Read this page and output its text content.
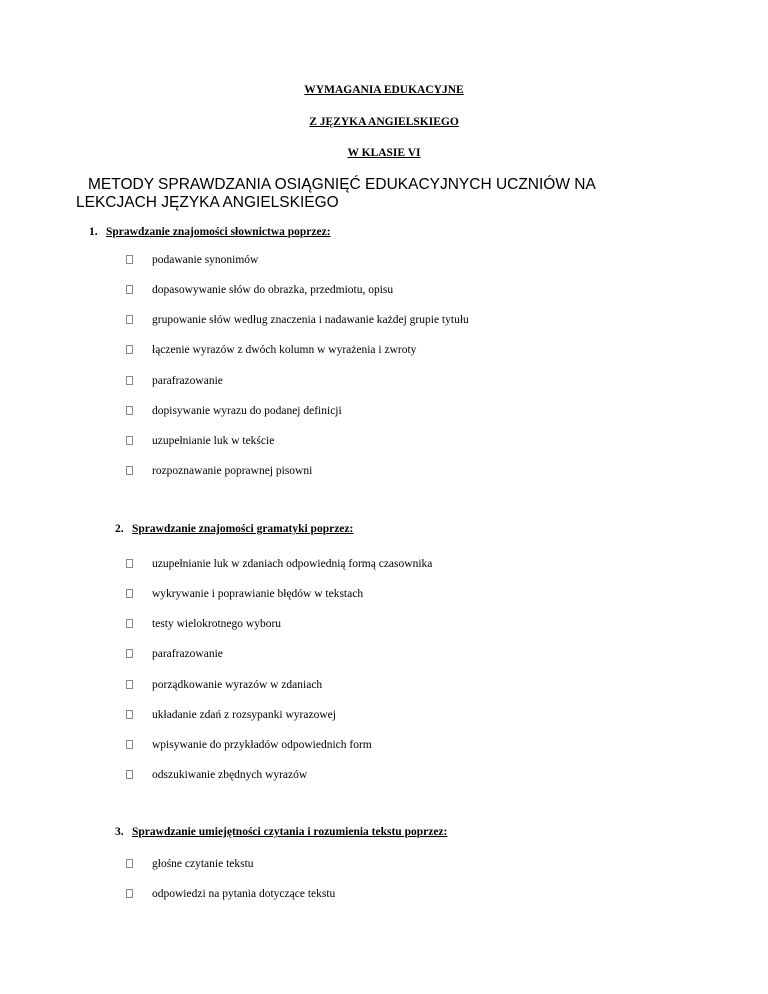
WYMAGANIA EDUKACYJNE
Z JĘZYKA ANGIELSKIEGO
W KLASIE VI
METODY SPRAWDZANIA OSIĄGNIĘĆ EDUKACYJNYCH UCZNIÓW NA
LEKCJACH JĘZYKA ANGIELSKIEGO
1. Sprawdzanie znajomości słownictwa poprzez:
podawanie synonimów
dopasowywanie słów do obrazka, przedmiotu, opisu
grupowanie słów według znaczenia i nadawanie każdej grupie tytułu
łączenie wyrazów z dwóch kolumn w wyrażenia i zwroty
parafrazowanie
dopisywanie wyrazu do podanej definicji
uzupełnianie luk w tekście
rozpoznawanie poprawnej pisowni
2. Sprawdzanie znajomości gramatyki poprzez:
uzupełnianie luk w zdaniach odpowiednią formą czasownika
wykrywanie i poprawianie błędów w tekstach
testy wielokrotnego wyboru
parafrazowanie
porządkowanie wyrazów w zdaniach
układanie zdań z rozsypanki wyrazowej
wpisywanie do przykładów odpowiednich form
odszukiwanie zbędnych wyrazów
3. Sprawdzanie umiejętności czytania i rozumienia tekstu poprzez:
głośne czytanie tekstu
odpowiedzi na pytania dotyczące tekstu
